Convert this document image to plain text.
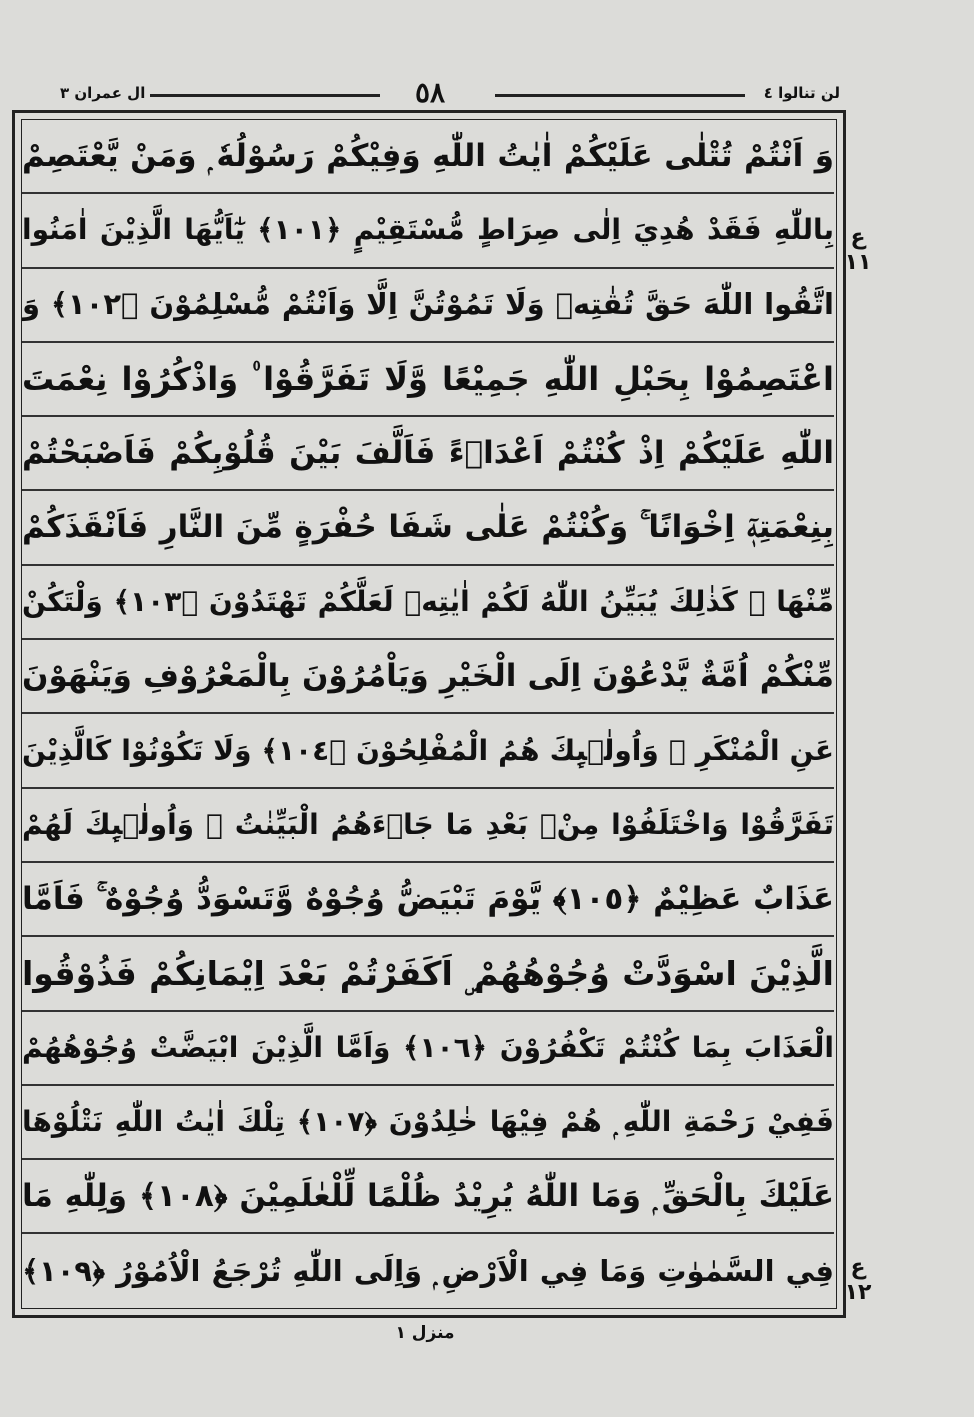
لن تنالوا ٤
٥٨
ال عمران ٣
وَ اَنْتُمْ تُتْلٰى عَلَيْكُمْ اٰيٰتُ اللّٰهِ وَفِيْكُمْ رَسُوْلُهٗ ۭ وَمَنْ يَّعْتَصِمْ
بِاللّٰهِ فَقَدْ هُدِيَ اِلٰى صِرَاطٍ مُّسْتَقِيْمٍ ﴿١٠١﴾ يٰٓاَيُّهَا الَّذِيْنَ اٰمَنُوا
اتَّقُوا اللّٰهَ حَقَّ تُقٰتِهٖ وَلَا تَمُوْتُنَّ اِلَّا وَاَنْتُمْ مُّسْلِمُوْنَ ﴿١٠٢﴾ وَ
اعْتَصِمُوْا بِحَبْلِ اللّٰهِ جَمِيْعًا وَّلَا تَفَرَّقُوْا ۠ وَاذْكُرُوْا نِعْمَتَ
اللّٰهِ عَلَيْكُمْ اِذْ كُنْتُمْ اَعْدَاۗءً فَاَلَّفَ بَيْنَ قُلُوْبِكُمْ فَاَصْبَحْتُمْ
بِنِعْمَتِهٖٓ اِخْوَانًا ۚ وَكُنْتُمْ عَلٰى شَفَا حُفْرَةٍ مِّنَ النَّارِ فَاَنْقَذَكُمْ
مِّنْهَا ۭ كَذٰلِكَ يُبَيِّنُ اللّٰهُ لَكُمْ اٰيٰتِهٖ لَعَلَّكُمْ تَهْتَدُوْنَ ﴿١٠٣﴾ وَلْتَكُنْ
مِّنْكُمْ اُمَّةٌ يَّدْعُوْنَ اِلَى الْخَيْرِ وَيَاْمُرُوْنَ بِالْمَعْرُوْفِ وَيَنْهَوْنَ
عَنِ الْمُنْكَرِ ۭ وَاُولٰۗىِٕكَ هُمُ الْمُفْلِحُوْنَ ﴿١٠٤﴾ وَلَا تَكُوْنُوْا كَالَّذِيْنَ
تَفَرَّقُوْا وَاخْتَلَفُوْا مِنْۢ بَعْدِ مَا جَاۗءَھُمُ الْبَيِّنٰتُ ۭ وَاُولٰۗىِٕكَ لَھُمْ
عَذَابٌ عَظِيْمٌ ﴿١٠٥﴾ يَّوْمَ تَبْيَضُّ وُجُوْهٌ وَّتَسْوَدُّ وُجُوْهٌ ۚ فَاَمَّا
الَّذِيْنَ اسْوَدَّتْ وُجُوْھُھُمْ ۣ اَكَفَرْتُمْ بَعْدَ اِيْمَانِكُمْ فَذُوْقُوا
الْعَذَابَ بِمَا كُنْتُمْ تَكْفُرُوْنَ ﴿١٠٦﴾ وَاَمَّا الَّذِيْنَ ابْيَضَّتْ وُجُوْھُھُمْ
فَفِيْ رَحْمَةِ اللّٰهِ ۭ ھُمْ فِيْھَا خٰلِدُوْنَ ﴿١٠٧﴾ تِلْكَ اٰيٰتُ اللّٰهِ نَتْلُوْھَا
عَلَيْكَ بِالْحَقِّ ۭ وَمَا اللّٰهُ يُرِيْدُ ظُلْمًا لِّلْعٰلَمِيْنَ ﴿١٠٨﴾ وَلِلّٰهِ مَا
فِي السَّمٰوٰتِ وَمَا فِي الْاَرْضِ ۭ وَاِلَى اللّٰهِ تُرْجَعُ الْاُمُوْرُ ﴿١٠٩﴾
ع ١١
ع ١٢
منزل ١
